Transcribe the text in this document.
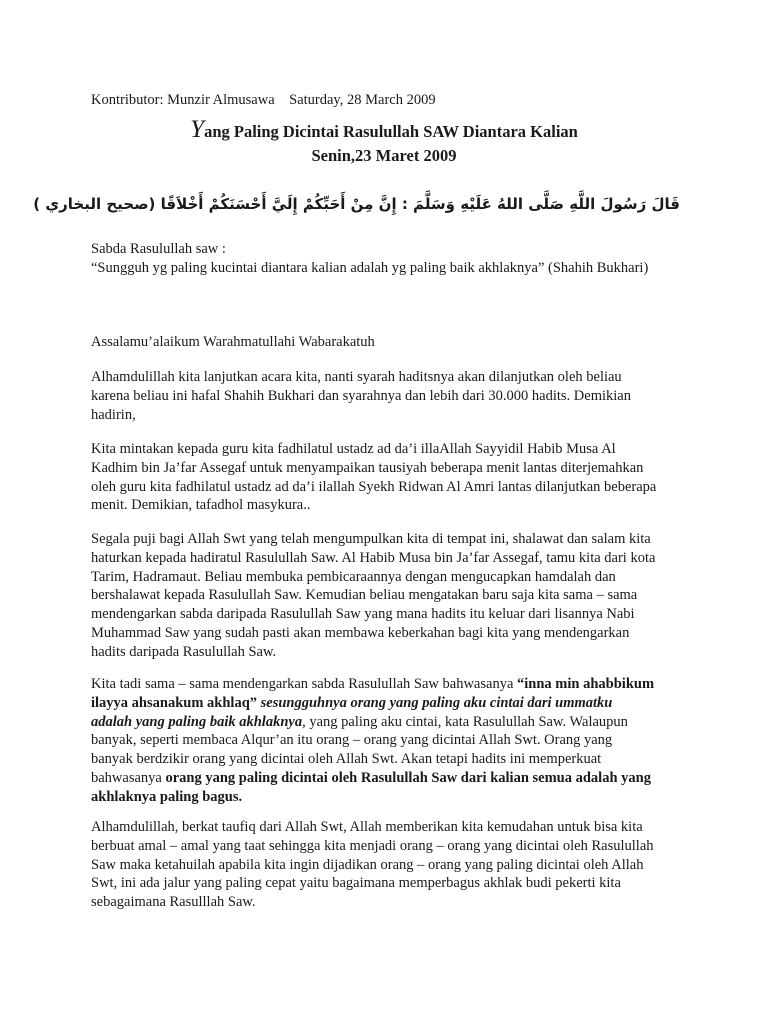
Kontributor: Munzir Almusawa    Saturday, 28 March 2009
Yang Paling Dicintai Rasulullah SAW Diantara Kalian
Senin,23 Maret 2009
قَالَ رَسُولَ اللَّهِ صَلَّى اللهُ عَلَيْهِ وَسَلَّمَ : إِنَّ مِنْ أَحَبِّكُمْ إِلَيَّ أَحْسَنَكُمْ أَخْلاَقًا (صحيح البخاري )

Sabda Rasulullah saw :

“Sungguh yg paling kucintai diantara kalian adalah yg paling baik akhlaknya” (Shahih Bukhari)

Assalamu’alaikum Warahmatullahi Wabarakatuh

Alhamdulillah kita lanjutkan acara kita, nanti syarah haditsnya akan dilanjutkan oleh beliau

karena beliau ini hafal Shahih Bukhari dan syarahnya dan lebih dari 30.000 hadits. Demikian

hadirin,

Kita mintakan kepada guru kita fadhilatul ustadz ad da’i illaAllah Sayyidil Habib Musa Al

Kadhim bin Ja’far Assegaf untuk menyampaikan tausiyah beberapa menit lantas diterjemahkan

oleh guru kita fadhilatul ustadz ad da’i ilallah Syekh Ridwan Al Amri lantas dilanjutkan beberapa

menit. Demikian, tafadhol masykura..

Segala puji bagi Allah Swt yang telah mengumpulkan kita di tempat ini, shalawat dan salam kita

haturkan kepada hadiratul Rasulullah Saw. Al Habib Musa bin Ja’far Assegaf, tamu kita dari kota

Tarim, Hadramaut. Beliau membuka pembicaraannya dengan mengucapkan hamdalah dan

bershalawat kepada Rasulullah Saw. Kemudian beliau mengatakan baru saja kita sama – sama

mendengarkan sabda daripada Rasulullah Saw yang mana hadits itu keluar dari lisannya Nabi

Muhammad Saw yang sudah pasti akan membawa keberkahan bagi kita yang mendengarkan

hadits daripada Rasulullah Saw.

Kita tadi sama – sama mendengarkan sabda Rasulullah Saw bahwasanya “inna min ahabbikum

ilayya ahsanakum akhlaq” sesungguhnya orang yang paling aku cintai dari ummatku

adalah yang paling baik akhlaknya, yang paling aku cintai, kata Rasulullah Saw. Walaupun

banyak, seperti membaca Alqur’an itu orang – orang yang dicintai Allah Swt. Orang yang

banyak berdzikir orang yang dicintai oleh Allah Swt. Akan tetapi hadits ini memperkuat

bahwasanya orang yang paling dicintai oleh Rasulullah Saw dari kalian semua adalah yang

akhlaknya paling bagus.

Alhamdulillah, berkat taufiq dari Allah Swt, Allah memberikan kita kemudahan untuk bisa kita

berbuat amal – amal yang taat sehingga kita menjadi orang – orang yang dicintai oleh Rasulullah

Saw maka ketahuilah apabila kita ingin dijadikan orang – orang yang paling dicintai oleh Allah

Swt, ini ada jalur yang paling cepat yaitu bagaimana memperbagus akhlak budi pekerti kita

sebagaimana Rasulllah Saw.
